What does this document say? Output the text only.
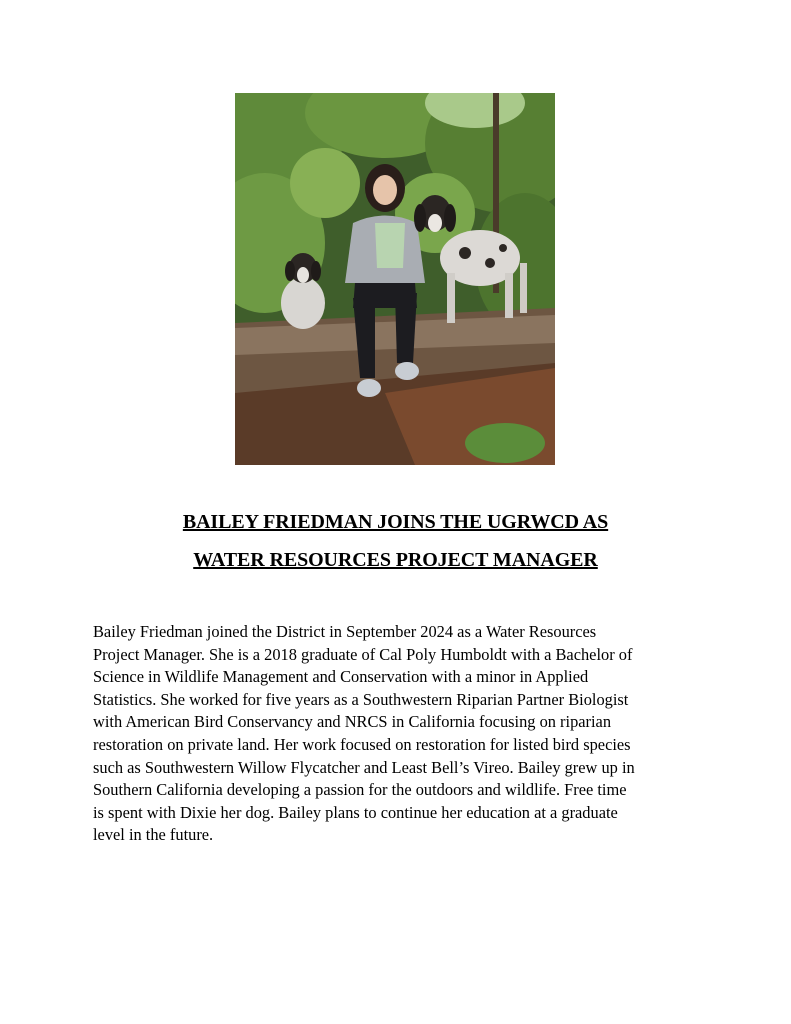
BAILEY FRIEDMAN JOINS THE UGRWCD AS
WATER RESOURCES PROJECT MANAGER

Bailey Friedman joined the District in September 2024 as a Water Resources

Project Manager. She is a 2018 graduate of Cal Poly Humboldt with a Bachelor of

Science in Wildlife Management and Conservation with a minor in Applied

Statistics. She worked for five years as a Southwestern Riparian Partner Biologist

with American Bird Conservancy and NRCS in California focusing on riparian

restoration on private land. Her work focused on restoration for listed bird species

such as Southwestern Willow Flycatcher and Least Bell’s Vireo. Bailey grew up in

Southern California developing a passion for the outdoors and wildlife. Free time

is spent with Dixie her dog. Bailey plans to continue her education at a graduate

level in the future.
